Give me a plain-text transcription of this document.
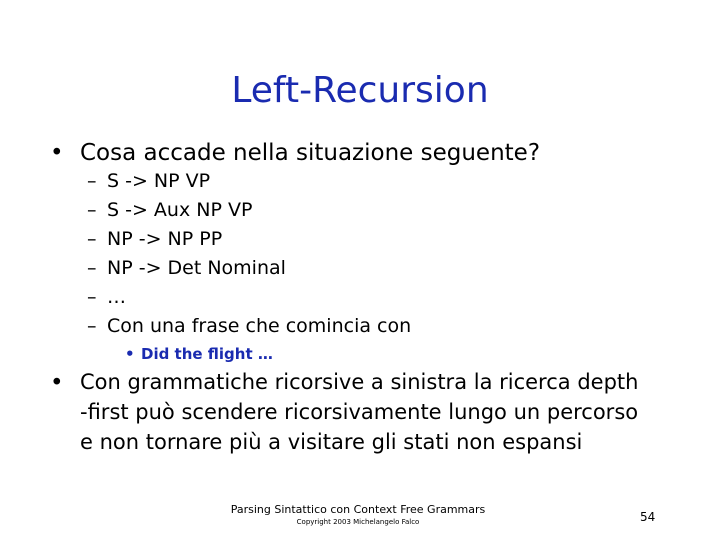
Left-Recursion
• Cosa accade nella situazione seguente?
– S -> NP VP
– S -> Aux NP VP
– NP -> NP PP
– NP -> Det Nominal
– …
– Con una frase che comincia con
• Did the flight …
• Con grammatiche ricorsive a sinistra la ricerca depth
-first può scendere ricorsivamente lungo un percorso
e non tornare più a visitare gli stati non espansi
Parsing Sintattico con Context Free Grammars
Copyright 2003 Michelangelo Falco	54
